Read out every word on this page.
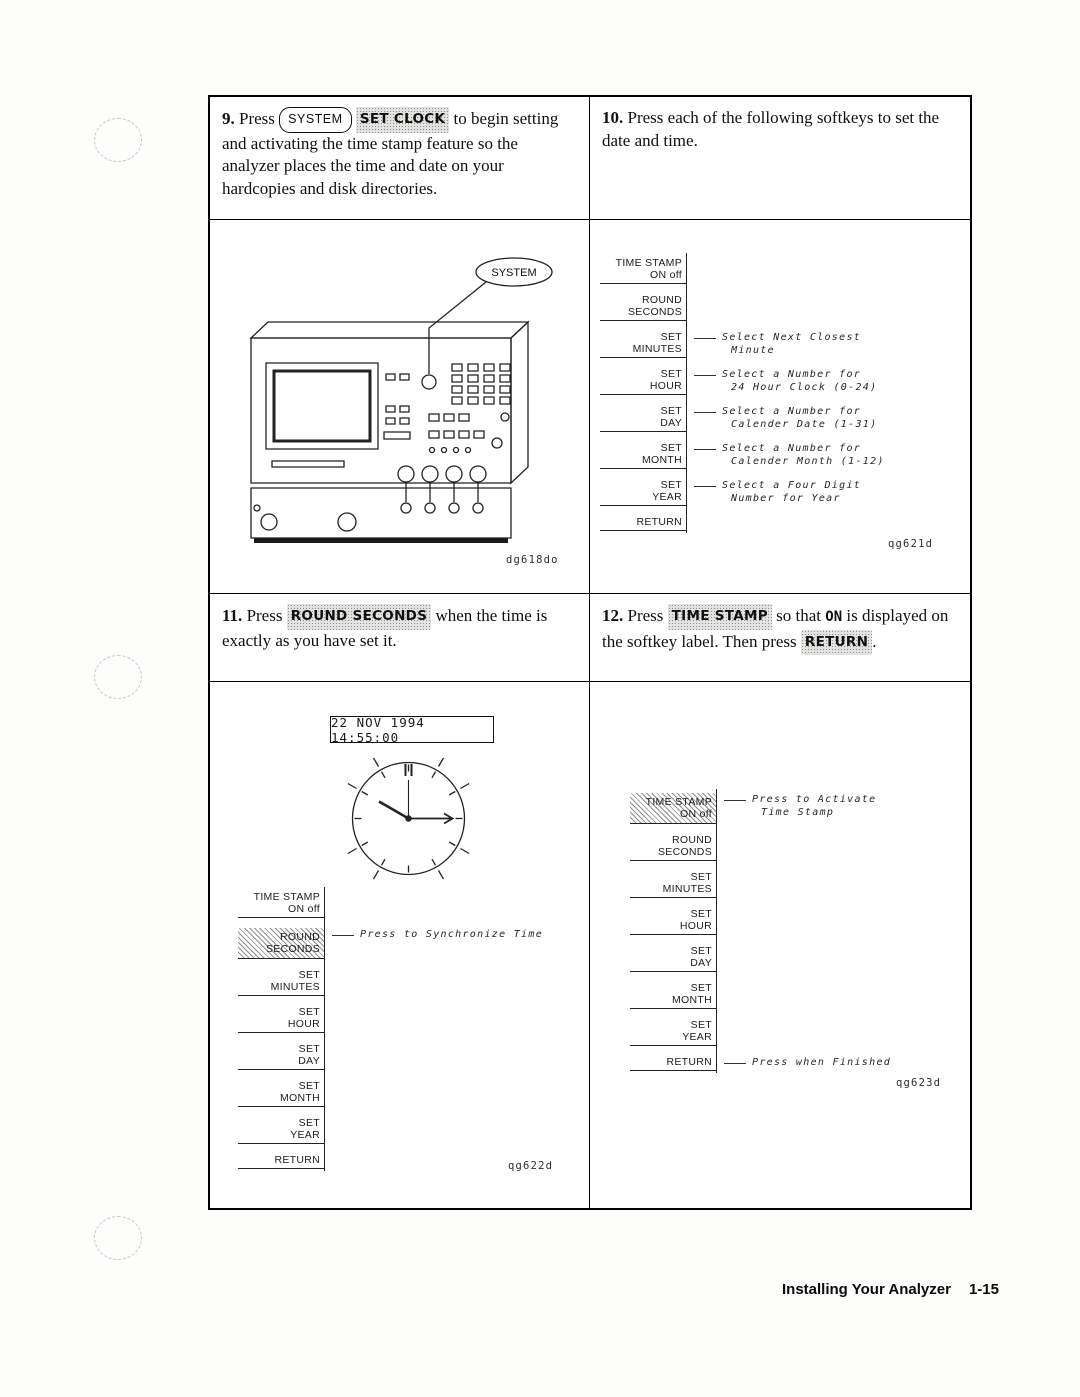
9. Press SYSTEM SET CLOCK to begin setting and activating the time stamp feature so the analyzer places the time and date on your hardcopies and disk directories.

10. Press each of the following softkeys to set the date and time.

SYSTEM
dg618do
TIME STAMP
ON off
ROUND
SECONDS
SET
MINUTES
Select Next Closest
Minute
SET
HOUR
Select a Number for
24 Hour Clock (0-24)
SET
DAY
Select a Number for
Calender Date (1-31)
SET
MONTH
Select a Number for
Calender Month (1-12)
SET
YEAR
Select a Four Digit
Number for Year
RETURN
qg621d

11. Press ROUND SECONDS when the time is exactly as you have set it.

12. Press TIME STAMP so that ON is displayed on the softkey label. Then press RETURN .

22 NOV 1994 14:55:00
TIME STAMP
ON off
ROUND
SECONDS
Press to Synchronize Time
SET
MINUTES
SET
HOUR
SET
DAY
SET
MONTH
SET
YEAR
RETURN	qg622d
TIME STAMP
ON off
Press to Activate
Time Stamp
ROUND
SECONDS
SET
MINUTES
SET
HOUR
SET
DAY
SET
MONTH
SET
YEAR
RETURN	Press when Finished
qg623d
Installing Your Analyzer 1-15
